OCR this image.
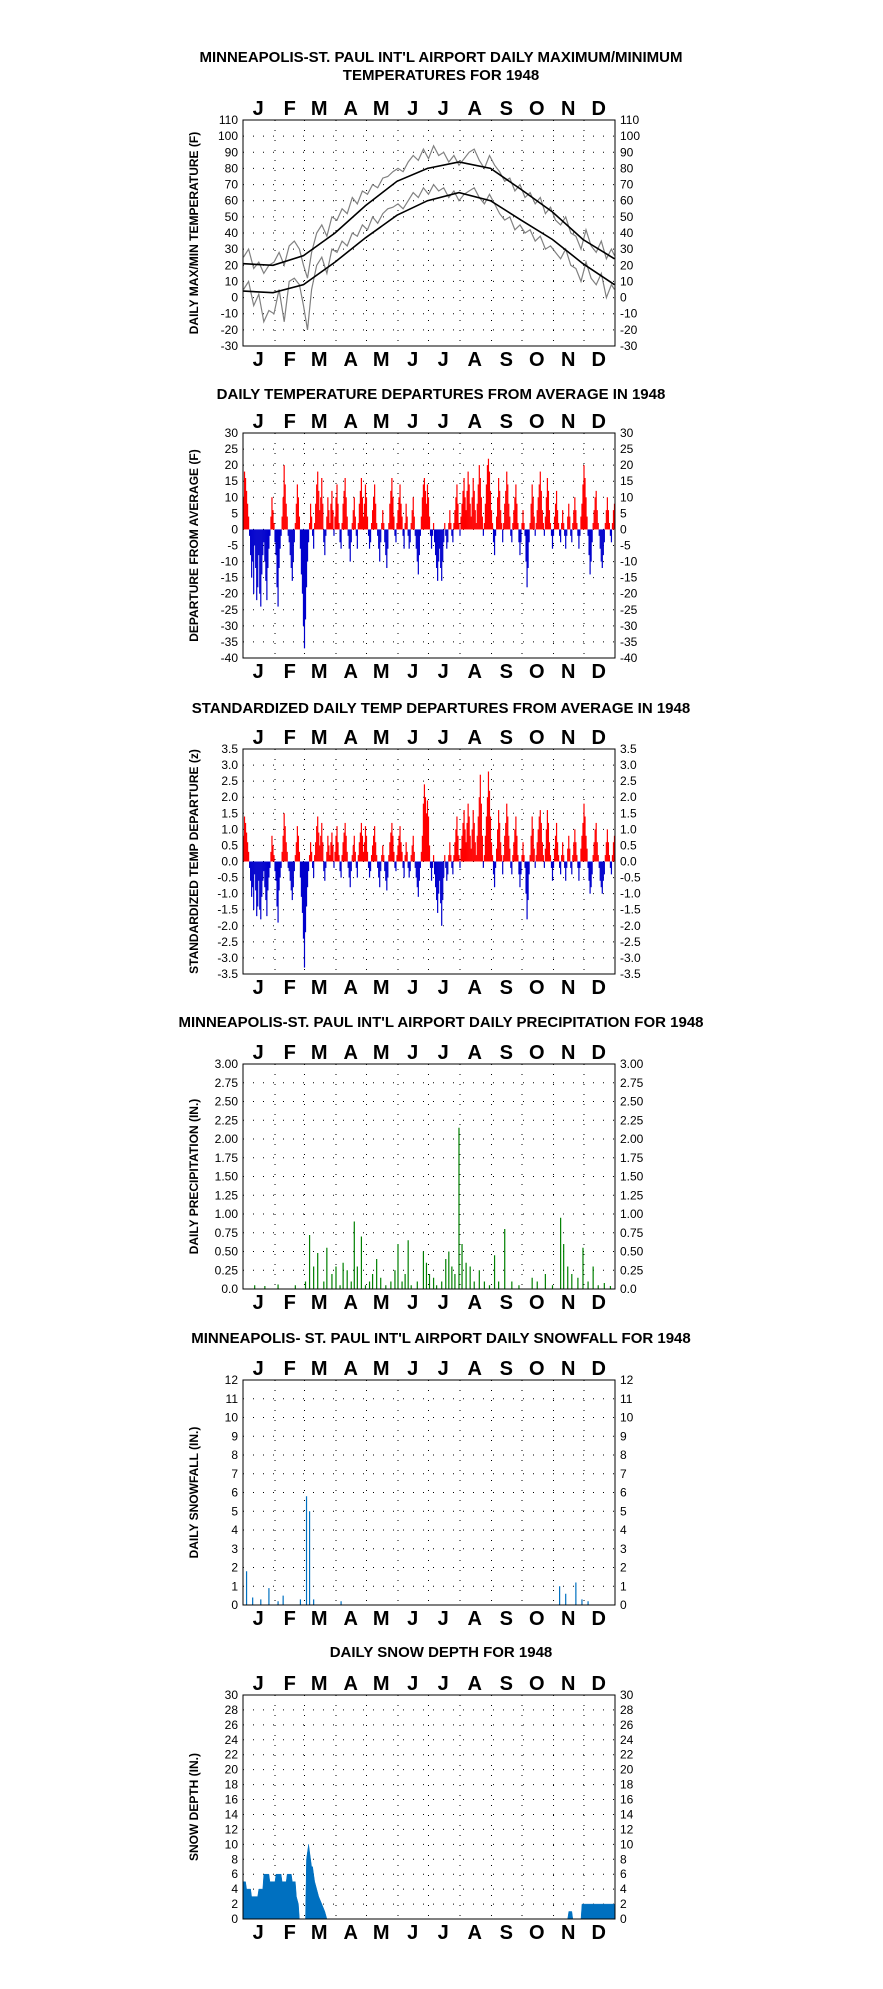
MINNEAPOLIS-ST. PAUL INT'L AIRPORT DAILY MAXIMUM/MINIMUM
TEMPERATURES FOR 1948
J
J
F
F
M
M
A
A
M
M
J
J
J
J
A
A
S
S
O
O
N
N
D
D
110	110
100	100
90	90
80	80
70	70
60	60
50	50
40	40
30	30
20	20
10	10
0	0
-10	-10
-20	-20
-30	-30
DAILY MAX/MIN TEMPERATURE (F)
DAILY TEMPERATURE DEPARTURES FROM AVERAGE IN 1948
J
J
F
F
M
M
A
A
M
M
J
J
J
J
A
A
S
S
O
O
N
N
D
D
30	30
25	25
20	20
15	15
10	10
5	5
0	0
-5	-5
-10	-10
-15	-15
-20	-20
-25	-25
-30	-30
-35	-35
-40	-40
DEPARTURE FROM AVERAGE (F)
STANDARDIZED DAILY TEMP DEPARTURES FROM AVERAGE IN 1948
J
J
F
F
M
M
A
A
M
M
J
J
J
J
A
A
S
S
O
O
N
N
D
D
3.5	3.5
3.0	3.0
2.5	2.5
2.0	2.0
1.5	1.5
1.0	1.0
0.5	0.5
0.0	0.0
-0.5	-0.5
-1.0	-1.0
-1.5	-1.5
-2.0	-2.0
-2.5	-2.5
-3.0	-3.0
-3.5	-3.5
STANDARDIZED TEMP DEPARTURE (z)
MINNEAPOLIS-ST. PAUL INT'L AIRPORT DAILY PRECIPITATION FOR 1948
J
J
F
F
M
M
A
A
M
M
J
J
J
J
A
A
S
S
O
O
N
N
D
D
3.00	3.00
2.75	2.75
2.50	2.50
2.25	2.25
2.00	2.00
1.75	1.75
1.50	1.50
1.25	1.25
1.00	1.00
0.75	0.75
0.50	0.50
0.25	0.25
0.0	0.0
DAILY PRECIPITATION (IN.)
MINNEAPOLIS- ST. PAUL INT'L AIRPORT DAILY SNOWFALL FOR 1948
J
J
F
F
M
M
A
A
M
M
J
J
J
J
A
A
S
S
O
O
N
N
D
D
12	12
11	11
10	10
9	9
8	8
7	7
6	6
5	5
4	4
3	3
2	2
1	1
0	0
DAILY SNOWFALL (IN.)
DAILY SNOW DEPTH FOR 1948
J
J
F
F
M
M
A
A
M
M
J
J
J
J
A
A
S
S
O
O
N
N
D
D
30	30
28	28
26	26
24	24
22	22
20	20
18	18
16	16
14	14
12	12
10	10
8	8
6	6
4	4
2	2
0	0
SNOW DEPTH (IN.)
